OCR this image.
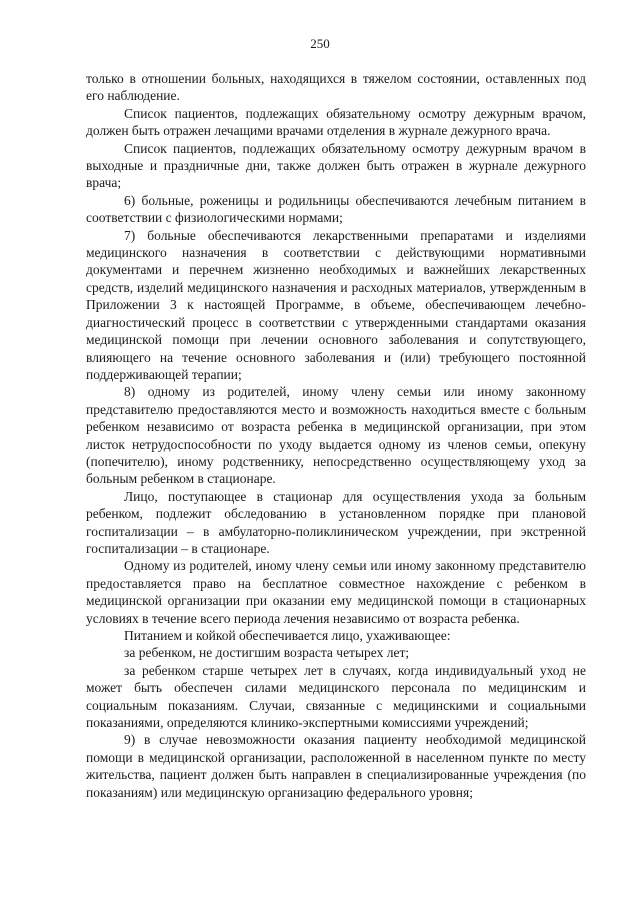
250

только в отношении больных, находящихся в тяжелом состоянии, оставленных под его наблюдение.

Список пациентов, подлежащих обязательному осмотру дежурным врачом, должен быть отражен лечащими врачами отделения в журнале дежурного врача.

Список пациентов, подлежащих обязательному осмотру дежурным врачом в выходные и праздничные дни, также должен быть отражен в журнале дежурного врача;

6) больные, роженицы и родильницы обеспечиваются лечебным питанием в соответствии с физиологическими нормами;

7) больные обеспечиваются лекарственными препаратами и изделиями медицинского назначения в соответствии с действующими нормативными документами и перечнем жизненно необходимых и важнейших лекарственных средств, изделий медицинского назначения и расходных материалов, утвержденным в Приложении 3 к настоящей Программе, в объеме, обеспечивающем лечебно-диагностический процесс в соответствии с утвержденными стандартами оказания медицинской помощи при лечении основного заболевания и сопутствующего, влияющего на течение основного заболевания и (или) требующего постоянной поддерживающей терапии;

8) одному из родителей, иному члену семьи или иному законному представителю предоставляются место и возможность находиться вместе с больным ребенком независимо от возраста ребенка в медицинской организации, при этом листок нетрудоспособности по уходу выдается одному из членов семьи, опекуну (попечителю), иному родственнику, непосредственно осуществляющему уход за больным ребенком в стационаре.

Лицо, поступающее в стационар для осуществления ухода за больным ребенком, подлежит обследованию в установленном порядке при плановой госпитализации – в амбулаторно-поликлиническом учреждении, при экстренной госпитализации – в стационаре.

Одному из родителей, иному члену семьи или иному законному представителю предоставляется право на бесплатное совместное нахождение с ребенком в медицинской организации при оказании ему медицинской помощи в стационарных условиях в течение всего периода лечения независимо от возраста ребенка.

Питанием и койкой обеспечивается лицо, ухаживающее:

за ребенком, не достигшим возраста четырех лет;

за ребенком старше четырех лет в случаях, когда индивидуальный уход не может быть обеспечен силами медицинского персонала по медицинским и социальным показаниям. Случаи, связанные с медицинскими и социальными показаниями, определяются клинико-экспертными комиссиями учреждений;

9) в случае невозможности оказания пациенту необходимой медицинской помощи в медицинской организации, расположенной в населенном пункте по месту жительства, пациент должен быть направлен в специализированные учреждения (по показаниям) или медицинскую организацию федерального уровня;
